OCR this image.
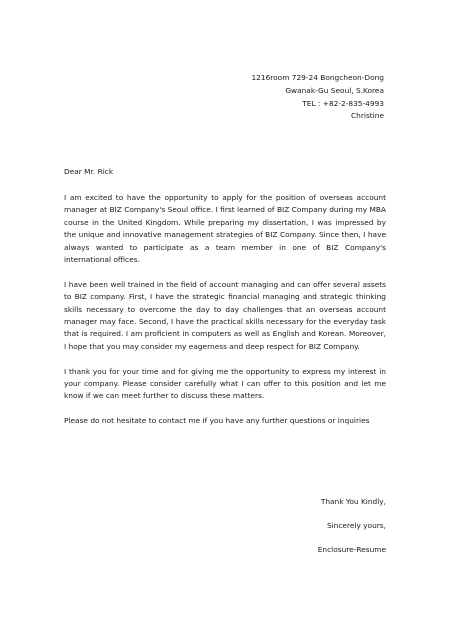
1216room 729-24 Bongcheon-Dong
Gwanak-Gu Seoul, S.Korea
TEL : +82-2-835-4993
Christine
Dear Mr. Rick

I am excited to have the opportunity to apply for the position of overseas account manager at BIZ Company's Seoul office. I first learned of BIZ Company during my MBA course in the United Kingdom. While preparing my dissertation, I was impressed by the unique and innovative management strategies of BIZ Company. Since then, I have always wanted to participate as a team member in one of BIZ Company's international offices.

I have been well trained in the field of account managing and can offer several assets to BIZ company. First, I have the strategic financial managing and strategic thinking skills necessary to overcome the day to day challenges that an overseas account manager may face. Second, I have the practical skills necessary for the everyday task that is required. I am proficient in computers as well as English and Korean. Moreover, I hope that you may consider my eagerness and deep respect for BIZ Company.

I thank you for your time and for giving me the opportunity to express my interest in your company. Please consider carefully what I can offer to this position and let me know if we can meet further to discuss these matters.

Please do not hesitate to contact me if you have any further questions or inquiries

Thank You Kindly,
Sincerely yours,
Enclosure-Resume
